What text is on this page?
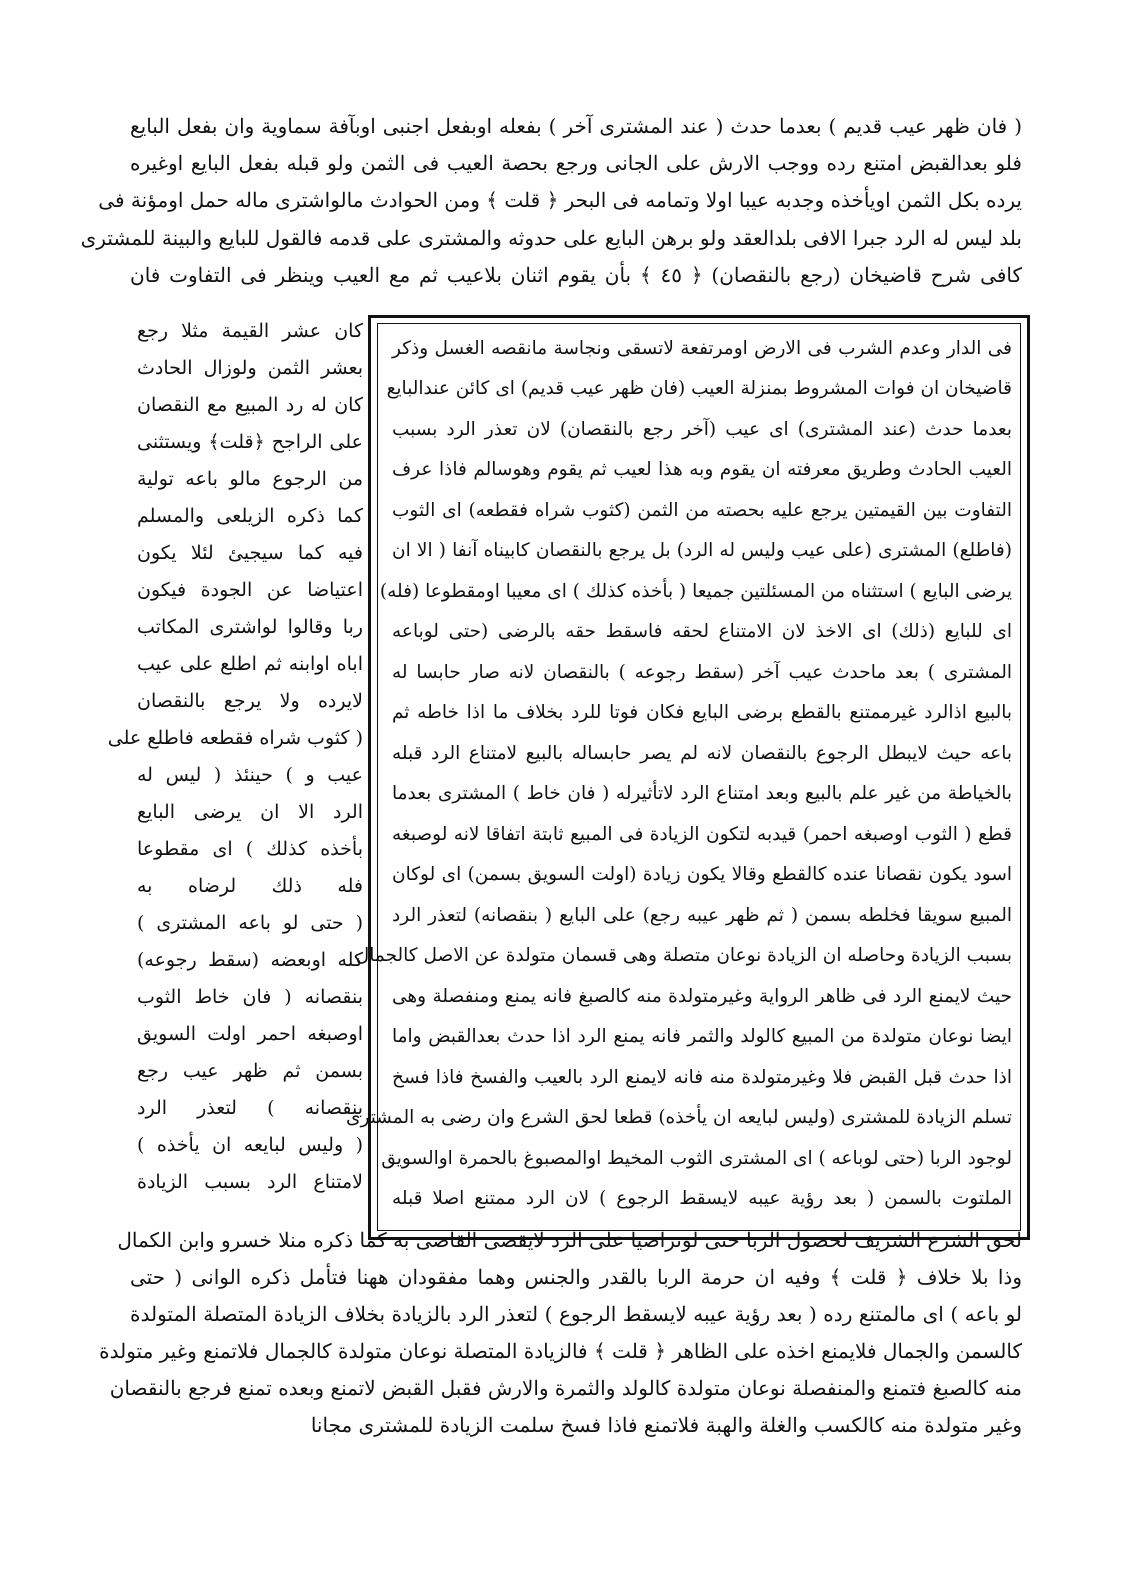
( فان ظهر عيب قديم ) بعدما حدث ( عند المشترى آخر ) بفعله اوبفعل اجنبى اوبآفة سماوية وان بفعل البايع
فلو بعدالقبض امتنع رده ووجب الارش على الجانى ورجع بحصة العيب فى الثمن ولو قبله بفعل البايع اوغيره
يرده بكل الثمن اويأخذه وجدبه عيبا اولا وتمامه فى البحر ﴿ قلت ﴾ ومن الحوادث مالواشترى ماله حمل اومؤنة فى
بلد ليس له الرد جبرا الافى بلدالعقد ولو برهن البايع على حدوثه والمشترى على قدمه فالقول للبايع والبينة للمشترى
كافى شرح قاضيخان (رجع بالنقصان) ﴿ ٤٥ ﴾ بأن يقوم اثنان بلاعيب ثم مع العيب وينظر فى التفاوت فان
فى الدار وعدم الشرب فى الارض اومرتفعة لاتسقى ونجاسة مانقصه الغسل وذكر
قاضيخان ان فوات المشروط بمنزلة العيب (فان ظهر عيب قديم) اى كائن عندالبايع
بعدما حدث (عند المشترى) اى عيب (آخر رجع بالنقصان) لان تعذر الرد بسبب
العيب الحادث وطريق معرفته ان يقوم وبه هذا لعيب ثم يقوم وهوسالم فاذا عرف
التفاوت بين القيمتين يرجع عليه بحصته من الثمن (كثوب شراه فقطعه) اى الثوب
(فاطلع) المشترى (على عيب وليس له الرد) بل يرجع بالنقصان كابيناه آنفا ( الا ان
يرضى البايع ) استثناه من المسئلتين جميعا ( بأخذه كذلك ) اى معيبا اومقطوعا (فله)
اى للبايع (ذلك) اى الاخذ لان الامتناع لحقه فاسقط حقه بالرضى (حتى لوباعه
المشترى ) بعد ماحدث عيب آخر (سقط رجوعه ) بالنقصان لانه صار حابسا له
بالبيع اذالرد غيرممتنع بالقطع برضى البايع فكان فوتا للرد بخلاف ما اذا خاطه ثم
باعه حيث لايبطل الرجوع بالنقصان لانه لم يصر حابساله بالبيع لامتناع الرد قبله
بالخياطة من غير علم بالبيع وبعد امتناع الرد لاتأثيرله ( فان خاط ) المشترى بعدما
قطع ( الثوب اوصبغه احمر) قيدبه لتكون الزيادة فى المبيع ثابتة اتفاقا لانه لوصبغه
اسود يكون نقصانا عنده كالقطع وقالا يكون زيادة (اولت السويق بسمن) اى لوكان
المبيع سويقا فخلطه بسمن ( ثم ظهر عيبه رجع) على البايع ( بنقصانه) لتعذر الرد
بسبب الزيادة وحاصله ان الزيادة نوعان متصلة وهى قسمان متولدة عن الاصل كالجمال
حيث لايمنع الرد فى ظاهر الرواية وغيرمتولدة منه كالصبغ فانه يمنع ومنفصلة وهى
ايضا نوعان متولدة من المبيع كالولد والثمر فانه يمنع الرد اذا حدث بعدالقبض واما
اذا حدث قبل القبض فلا وغيرمتولدة منه فانه لايمنع الرد بالعيب والفسخ فاذا فسخ
تسلم الزيادة للمشترى (وليس لبايعه ان يأخذه) قطعا لحق الشرع وان رضى به المشترى
لوجود الربا (حتى لوباعه ) اى المشترى الثوب المخيط اوالمصبوغ بالحمرة اوالسويق
الملتوت بالسمن ( بعد رؤية عيبه لايسقط الرجوع ) لان الرد ممتنع اصلا قبله
كان عشر القيمة مثلا رجع
بعشر الثمن ولوزال الحادث
كان له رد المبيع مع النقصان
على الراجح ﴿قلت﴾ ويستثنى
من الرجوع مالو باعه تولية
كما ذكره الزيلعى والمسلم
فيه كما سيجيئ لئلا يكون
اعتياضا عن الجودة فيكون
ربا وقالوا لواشترى المكاتب
اباه اوابنه ثم اطلع على عيب
لايرده ولا يرجع بالنقصان
( كثوب شراه فقطعه فاطلع على
عيب و ) حينئذ ( ليس له
الرد الا ان يرضى البايع
بأخذه كذلك ) اى مقطوعا
فله ذلك لرضاه به
( حتى لو باعه المشترى )
كله اوبعضه (سقط رجوعه)
بنقصانه ( فان خاط الثوب
اوصبغه احمر اولت السويق
بسمن ثم ظهر عيب رجع
بنقصانه ) لتعذر الرد
( وليس لبايعه ان يأخذه )
لامتناع الرد بسبب الزيادة
لحق الشرع الشريف لحصول الربا حتى لوتراضيا على الرد لايقضى القاضى به كما ذكره منلا خسرو وابن الكمال
وذا بلا خلاف ﴿ قلت ﴾ وفيه ان حرمة الربا بالقدر والجنس وهما مفقودان ههنا فتأمل ذكره الوانى ( حتى
لو باعه ) اى مالمتنع رده ( بعد رؤية عيبه لايسقط الرجوع ) لتعذر الرد بالزيادة بخلاف الزيادة المتصلة المتولدة
كالسمن والجمال فلايمنع اخذه على الظاهر ﴿ قلت ﴾ فالزيادة المتصلة نوعان متولدة كالجمال فلاتمنع وغير متولدة
منه كالصبغ فتمنع والمنفصلة نوعان متولدة كالولد والثمرة والارش فقبل القبض لاتمنع وبعده تمنع فرجع بالنقصان
وغير متولدة منه كالكسب والغلة والهبة فلاتمنع فاذا فسخ سلمت الزيادة للمشترى مجانا
